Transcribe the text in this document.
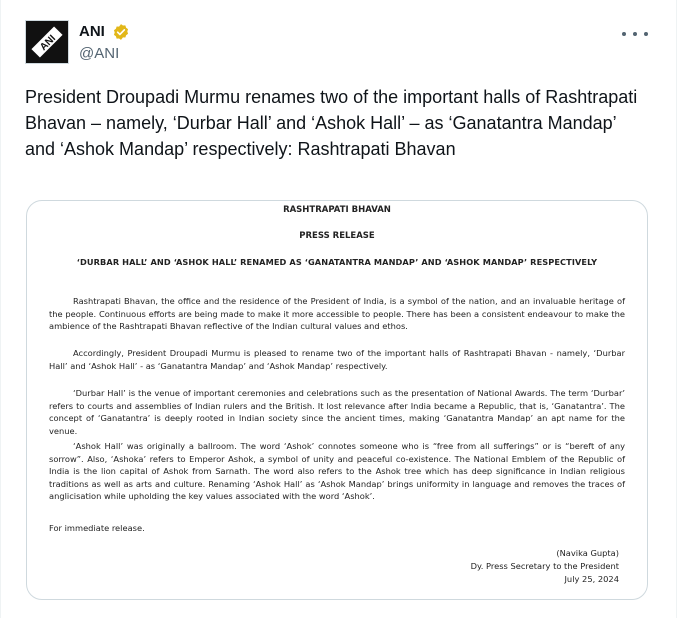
ANI
ANI
@ANI
President Droupadi Murmu renames two of the important halls of Rashtrapati Bhavan – namely, ‘Durbar Hall’ and ‘Ashok Hall’ – as ‘Ganatantra Mandap’ and ‘Ashok Mandap’ respectively: Rashtrapati Bhavan
RASHTRAPATI BHAVAN
PRESS RELEASE
‘DURBAR HALL’ AND ‘ASHOK HALL’ RENAMED AS ‘GANATANTRA MANDAP’ AND ‘ASHOK MANDAP’ RESPECTIVELY
Rashtrapati Bhavan, the office and the residence of the President of India, is a symbol of the nation, and an invaluable heritage of the people. Continuous efforts are being made to make it more accessible to people. There has been a consistent endeavour to make the ambience of the Rashtrapati Bhavan reflective of the Indian cultural values and ethos.
Accordingly, President Droupadi Murmu is pleased to rename two of the important halls of Rashtrapati Bhavan - namely, ‘Durbar Hall’ and ‘Ashok Hall’ - as ‘Ganatantra Mandap’ and ‘Ashok Mandap’ respectively.
‘Durbar Hall’ is the venue of important ceremonies and celebrations such as the presentation of National Awards. The term ‘Durbar’ refers to courts and assemblies of Indian rulers and the British. It lost relevance after India became a Republic, that is, ‘Ganatantra’. The concept of ‘Ganatantra’ is deeply rooted in Indian society since the ancient times, making ‘Ganatantra Mandap’ an apt name for the venue.
‘Ashok Hall’ was originally a ballroom. The word ‘Ashok’ connotes someone who is “free from all sufferings” or is “bereft of any sorrow”. Also, ‘Ashoka’ refers to Emperor Ashok, a symbol of unity and peaceful co-existence. The National Emblem of the Republic of India is the lion capital of Ashok from Sarnath. The word also refers to the Ashok tree which has deep significance in Indian religious traditions as well as arts and culture. Renaming ‘Ashok Hall’ as ‘Ashok Mandap’ brings uniformity in language and removes the traces of anglicisation while upholding the key values associated with the word ‘Ashok’.
For immediate release.
(Navika Gupta)
Dy. Press Secretary to the President
July 25, 2024
